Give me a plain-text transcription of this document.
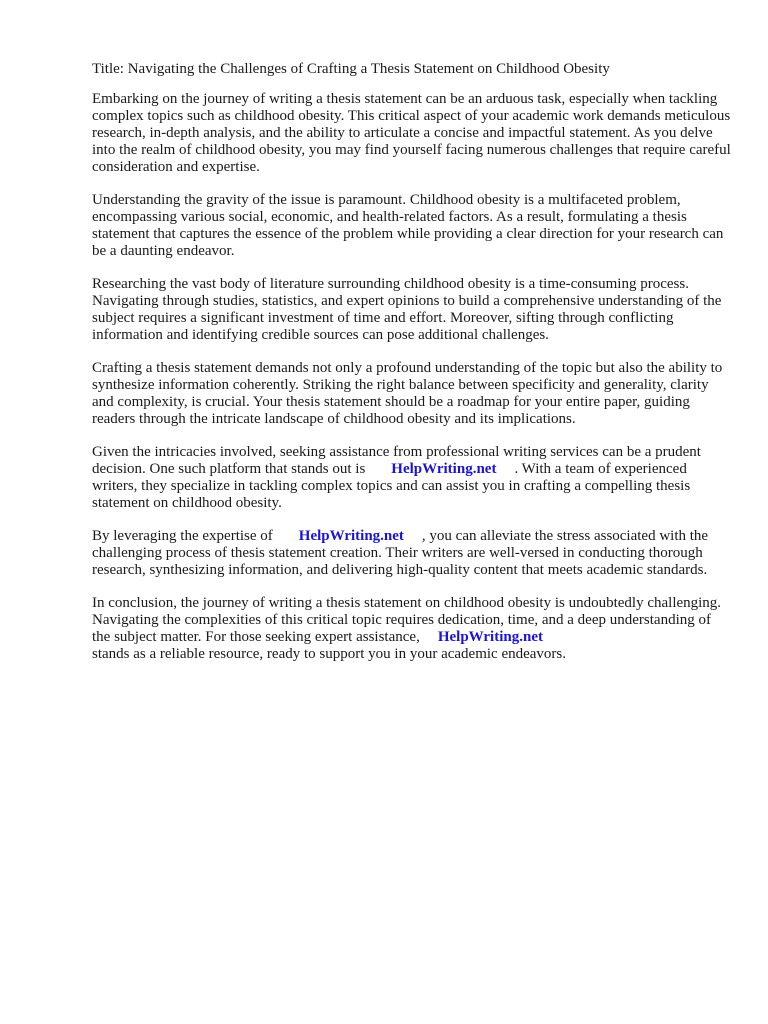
Title: Navigating the Challenges of Crafting a Thesis Statement on Childhood Obesity

Embarking on the journey of writing a thesis statement can be an arduous task, especially when tackling complex topics such as childhood obesity. This critical aspect of your academic work demands meticulous research, in-depth analysis, and the ability to articulate a concise and impactful statement. As you delve into the realm of childhood obesity, you may find yourself facing numerous challenges that require careful consideration and expertise.

Understanding the gravity of the issue is paramount. Childhood obesity is a multifaceted problem, encompassing various social, economic, and health-related factors. As a result, formulating a thesis statement that captures the essence of the problem while providing a clear direction for your research can be a daunting endeavor.

Researching the vast body of literature surrounding childhood obesity is a time-consuming process. Navigating through studies, statistics, and expert opinions to build a comprehensive understanding of the subject requires a significant investment of time and effort. Moreover, sifting through conflicting information and identifying credible sources can pose additional challenges.

Crafting a thesis statement demands not only a profound understanding of the topic but also the ability to synthesize information coherently. Striking the right balance between specificity and generality, clarity and complexity, is crucial. Your thesis statement should be a roadmap for your entire paper, guiding readers through the intricate landscape of childhood obesity and its implications.

Given the intricacies involved, seeking assistance from professional writing services can be a prudent decision. One such platform that stands out is HelpWriting.net . With a team of experienced writers, they specialize in tackling complex topics and can assist you in crafting a compelling thesis statement on childhood obesity.

By leveraging the expertise of HelpWriting.net , you can alleviate the stress associated with the challenging process of thesis statement creation. Their writers are well-versed in conducting thorough research, synthesizing information, and delivering high-quality content that meets academic standards.

In conclusion, the journey of writing a thesis statement on childhood obesity is undoubtedly challenging. Navigating the complexities of this critical topic requires dedication, time, and a deep understanding of the subject matter. For those seeking expert assistance, HelpWriting.net
stands as a reliable resource, ready to support you in your academic endeavors.
